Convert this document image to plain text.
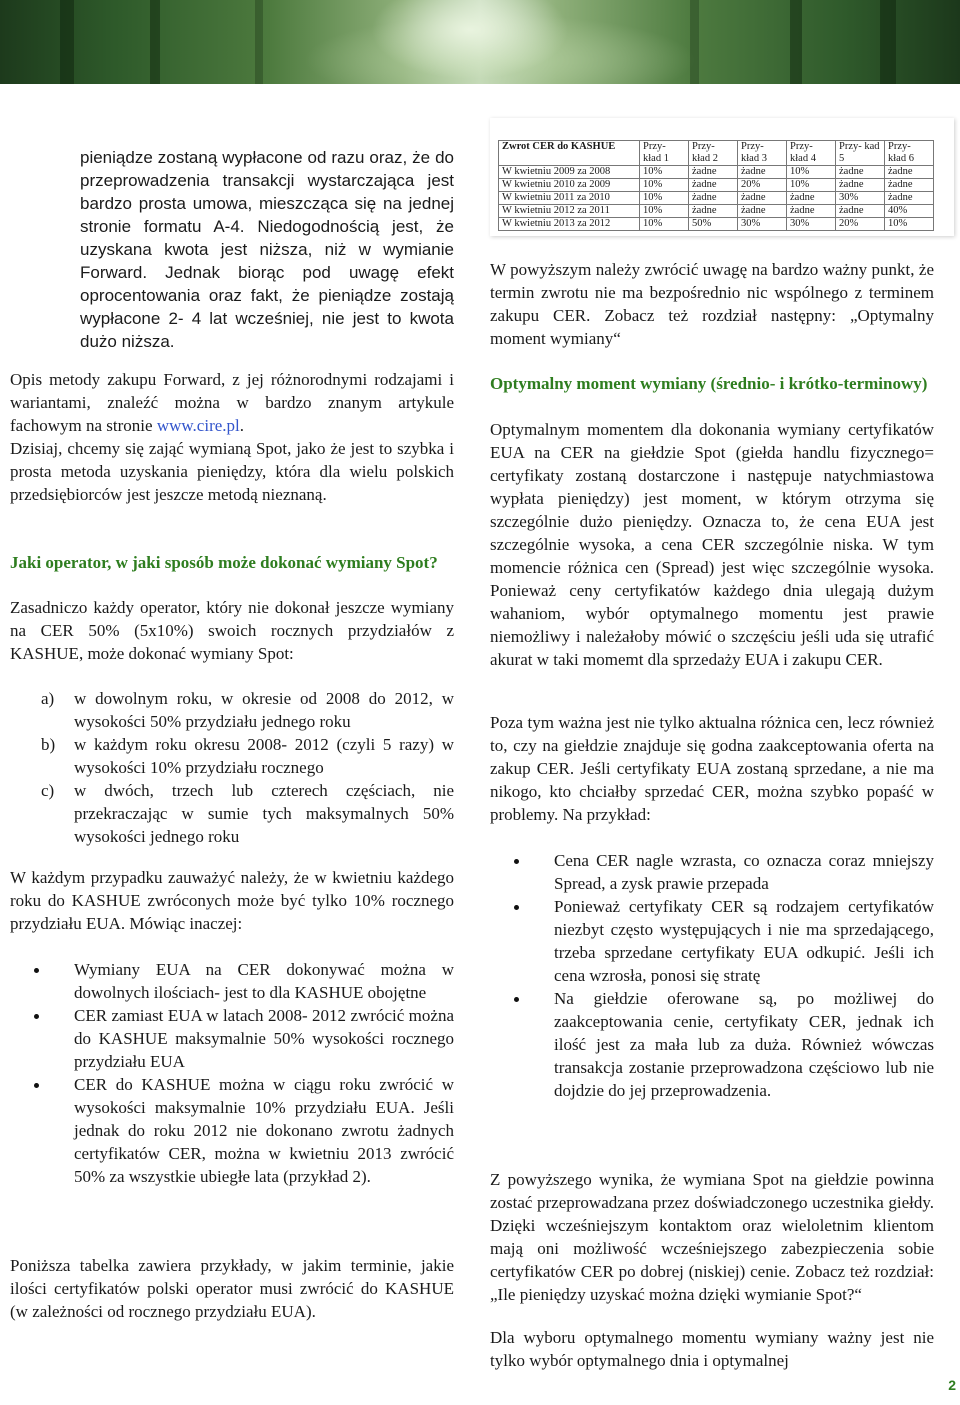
pieniądze zostaną wypłacone od razu oraz, że do przeprowadzenia transakcji wystarczająca jest bardzo prosta umowa, mieszcząca się na jednej stronie formatu A-4. Niedogodnością jest, że uzyskana kwota jest niższa, niż w wymianie Forward. Jednak biorąc pod uwagę efekt oprocentowania oraz fakt, że pieniądze zostają wypłacone 2- 4 lat wcześniej, nie jest to kwota dużo niższa.

Opis metody zakupu Forward, z jej różnorodnymi rodzajami i wariantami, znaleźć można w bardzo znanym artykule fachowym na stronie www.cire.pl.

Dzisiaj, chcemy się zająć wymianą Spot, jako że jest to szybka i prosta metoda uzyskania pieniędzy, która dla wielu polskich przedsiębiorców jest jeszcze metodą nieznaną.

Jaki operator, w jaki sposób może dokonać wymiany Spot?

Zasadniczo każdy operator, który nie dokonał jeszcze wymiany na CER 50% (5x10%) swoich rocznych przydziałów z KASHUE, może dokonać wymiany Spot:

a) w dowolnym roku, w okresie od 2008 do 2012, w wysokości 50% przydziału jednego roku
b) w każdym roku okresu 2008- 2012 (czyli 5 razy) w wysokości 10% przydziału rocznego
c) w dwóch, trzech lub czterech częściach, nie przekraczając w sumie tych maksymalnych 50% wysokości jednego roku

W każdym przypadku zauważyć należy, że w kwietniu każdego roku do KASHUE zwróconych może być tylko 10% rocznego przydziału EUA. Mówiąc inaczej:

Wymiany EUA na CER dokonywać można w dowolnych ilościach- jest to dla KASHUE obojętne
CER zamiast EUA w latach 2008- 2012 zwrócić można do KASHUE maksymalnie 50% wysokości rocznego przydziału EUA
CER do KASHUE można w ciągu roku zwrócić w wysokości maksymalnie 10% przydziału EUA. Jeśli jednak do roku 2012 nie dokonano zwrotu żadnych certyfikatów CER, można w kwietniu 2013 zwrócić 50% za wszystkie ubiegłe lata (przykład 2).

Poniższa tabelka zawiera przykłady, w jakim terminie, jakie ilości certyfikatów polski operator musi zwrócić do KASHUE (w zależności od rocznego przydziału EUA).

Zwrot CER do KASHUE	Przy- kład 1	Przy- kład 2	Przy- kład 3	Przy- kład 4	Przy- kad 5	Przy- kład 6
W kwietniu 2009 za 2008	10%	żadne	żadne	10%	żadne	żadne
W kwietniu 2010 za 2009	10%	żadne	20%	10%	żadne	żadne
W kwietniu 2011 za 2010	10%	żadne	żadne	żadne	30%	żadne
W kwietniu 2012 za 2011	10%	żadne	żadne	żadne	żadne	40%
W kwietniu 2013 za 2012	10%	50%	30%	30%	20%	10%

W powyższym należy zwrócić uwagę na bardzo ważny punkt, że termin zwrotu nie ma bezpośrednio nic wspólnego z terminem zakupu CER. Zobacz też rozdział następny: „Optymalny moment wymiany“

Optymalny moment wymiany (średnio- i krótko-terminowy)

Optymalnym momentem dla dokonania wymiany certyfikatów EUA na CER na giełdzie Spot (giełda handlu fizycznego= certyfikaty zostaną dostarczone i następuje natychmiastowa wypłata pieniędzy) jest moment, w którym otrzyma się szczególnie dużo pieniędzy. Oznacza to, że cena EUA jest szczególnie wysoka, a cena CER szczególnie niska. W tym momencie różnica cen (Spread) jest więc szczególnie wysoka. Ponieważ ceny certyfikatów każdego dnia ulegają dużym wahaniom, wybór optymalnego momentu jest prawie niemożliwy i należałoby mówić o szczęściu jeśli uda się utrafić akurat w taki momemt dla sprzedaży EUA i zakupu CER.

Poza tym ważna jest nie tylko aktualna różnica cen, lecz również to, czy na giełdzie znajduje się godna zaakceptowania oferta na zakup CER. Jeśli certyfikaty EUA zostaną sprzedane, a nie ma nikogo, kto chciałby sprzedać CER, można szybko popaść w problemy. Na przykład:

Cena CER nagle wzrasta, co oznacza coraz mniejszy Spread, a zysk prawie przepada
Ponieważ certyfikaty CER są rodzajem certyfikatów niezbyt często występujących i nie ma sprzedającego, trzeba sprzedane certyfikaty EUA odkupić. Jeśli ich cena wzrosła, ponosi się stratę
Na giełdzie oferowane są, po możliwej do zaakceptowania cenie, certyfikaty CER, jednak ich ilość jest za mała lub za duża. Również wówczas transakcja zostanie przeprowadzona częściowo lub nie dojdzie do jej przeprowadzenia.

Z powyższego wynika, że wymiana Spot na giełdzie powinna zostać przeprowadzana przez doświadczonego uczestnika giełdy. Dzięki wcześniejszym kontaktom oraz wieloletnim klientom mają oni możliwość wcześniejszego zabezpieczenia sobie certyfikatów CER po dobrej (niskiej) cenie. Zobacz też rozdział: „Ile pieniędzy uzyskać można dzięki wymianie Spot?“

Dla wyboru optymalnego momentu wymiany ważny jest nie tylko wybór optymalnego dnia i optymalnej

2
